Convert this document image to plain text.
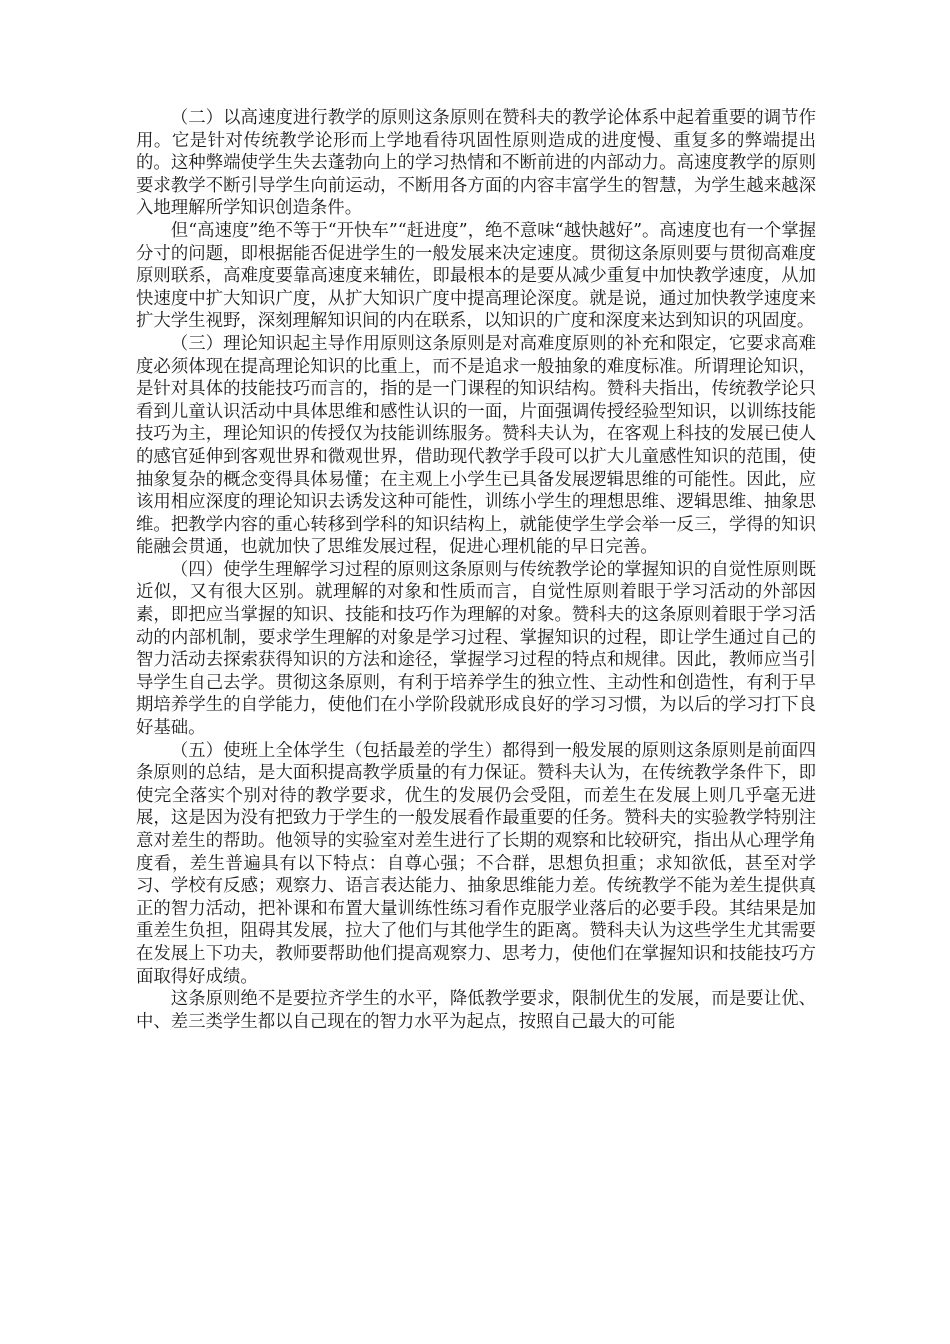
（二）以高速度进行教学的原则这条原则在赞科夫的教学论体系中起着重要的调节作用。它是针对传统教学论形而上学地看待巩固性原则造成的进度慢、重复多的弊端提出的。这种弊端使学生失去蓬勃向上的学习热情和不断前进的内部动力。高速度教学的原则要求教学不断引导学生向前运动，不断用各方面的内容丰富学生的智慧，为学生越来越深入地理解所学知识创造条件。

但“高速度”绝不等于“开快车”“赶进度”，绝不意味“越快越好”。高速度也有一个掌握分寸的问题，即根据能否促进学生的一般发展来决定速度。贯彻这条原则要与贯彻高难度原则联系，高难度要靠高速度来辅佐，即最根本的是要从减少重复中加快教学速度，从加快速度中扩大知识广度，从扩大知识广度中提高理论深度。就是说，通过加快教学速度来扩大学生视野，深刻理解知识间的内在联系，以知识的广度和深度来达到知识的巩固度。

（三）理论知识起主导作用原则这条原则是对高难度原则的补充和限定，它要求高难度必须体现在提高理论知识的比重上，而不是追求一般抽象的难度标准。所谓理论知识，是针对具体的技能技巧而言的，指的是一门课程的知识结构。赞科夫指出，传统教学论只看到儿童认识活动中具体思维和感性认识的一面，片面强调传授经验型知识，以训练技能技巧为主，理论知识的传授仅为技能训练服务。赞科夫认为，在客观上科技的发展已使人的感官延伸到客观世界和微观世界，借助现代教学手段可以扩大儿童感性知识的范围，使抽象复杂的概念变得具体易懂；在主观上小学生已具备发展逻辑思维的可能性。因此，应该用相应深度的理论知识去诱发这种可能性，训练小学生的理想思维、逻辑思维、抽象思维。把教学内容的重心转移到学科的知识结构上，就能使学生学会举一反三，学得的知识能融会贯通，也就加快了思维发展过程，促进心理机能的早日完善。

（四）使学生理解学习过程的原则这条原则与传统教学论的掌握知识的自觉性原则既近似，又有很大区别。就理解的对象和性质而言，自觉性原则着眼于学习活动的外部因素，即把应当掌握的知识、技能和技巧作为理解的对象。赞科夫的这条原则着眼于学习活动的内部机制，要求学生理解的对象是学习过程、掌握知识的过程，即让学生通过自己的智力活动去探索获得知识的方法和途径，掌握学习过程的特点和规律。因此，教师应当引导学生自己去学。贯彻这条原则，有利于培养学生的独立性、主动性和创造性，有利于早期培养学生的自学能力，使他们在小学阶段就形成良好的学习习惯，为以后的学习打下良好基础。

（五）使班上全体学生（包括最差的学生）都得到一般发展的原则这条原则是前面四条原则的总结，是大面积提高教学质量的有力保证。赞科夫认为，在传统教学条件下，即使完全落实个别对待的教学要求，优生的发展仍会受阻，而差生在发展上则几乎毫无进展，这是因为没有把致力于学生的一般发展看作最重要的任务。赞科夫的实验教学特别注意对差生的帮助。他领导的实验室对差生进行了长期的观察和比较研究，指出从心理学角度看，差生普遍具有以下特点：自尊心强；不合群，思想负担重；求知欲低，甚至对学习、学校有反感；观察力、语言表达能力、抽象思维能力差。传统教学不能为差生提供真正的智力活动，把补课和布置大量训练性练习看作克服学业落后的必要手段。其结果是加重差生负担，阻碍其发展，拉大了他们与其他学生的距离。赞科夫认为这些学生尤其需要在发展上下功夫，教师要帮助他们提高观察力、思考力，使他们在掌握知识和技能技巧方面取得好成绩。

这条原则绝不是要拉齐学生的水平，降低教学要求，限制优生的发展，而是要让优、中、差三类学生都以自己现在的智力水平为起点，按照自己最大的可能
